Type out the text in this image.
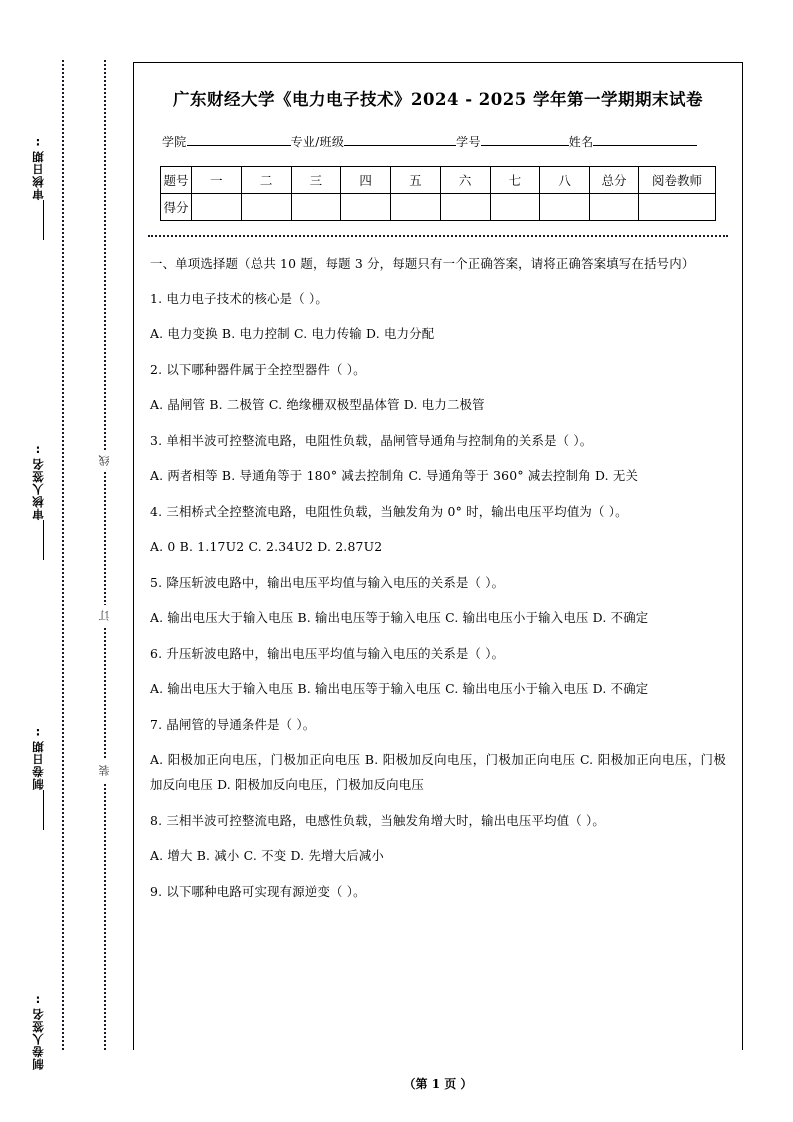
审核日期:
审核人签名:
制卷日期:
制卷人签名:
线
订
装
广东财经大学《电力电子技术》2024 - 2025 学年第一学期期末试卷
学院	专业/班级	学号	姓名
题号	一	二	三	四	五	六	七	八	总分	阅卷教师
得分										

一、单项选择题（总共 10 题，每题 3 分，每题只有一个正确答案，请将正确答案填写在括号内）

1. 电力电子技术的核心是（ ）。

A. 电力变换 B. 电力控制 C. 电力传输 D. 电力分配

2. 以下哪种器件属于全控型器件（ ）。

A. 晶闸管 B. 二极管 C. 绝缘栅双极型晶体管 D. 电力二极管

3. 单相半波可控整流电路，电阻性负载，晶闸管导通角与控制角的关系是（ ）。

A. 两者相等 B. 导通角等于 180° 减去控制角 C. 导通角等于 360° 减去控制角 D. 无关

4. 三相桥式全控整流电路，电阻性负载，当触发角为 0° 时，输出电压平均值为（ ）。

A. 0 B. 1.17U2 C. 2.34U2 D. 2.87U2

5. 降压斩波电路中，输出电压平均值与输入电压的关系是（ ）。

A. 输出电压大于输入电压 B. 输出电压等于输入电压 C. 输出电压小于输入电压 D. 不确定

6. 升压斩波电路中，输出电压平均值与输入电压的关系是（ ）。

A. 输出电压大于输入电压 B. 输出电压等于输入电压 C. 输出电压小于输入电压 D. 不确定

7. 晶闸管的导通条件是（ ）。

A. 阳极加正向电压，门极加正向电压 B. 阳极加反向电压，门极加正向电压 C. 阳极加正向电压，门极加反向电压 D. 阳极加反向电压，门极加反向电压

8. 三相半波可控整流电路，电感性负载，当触发角增大时，输出电压平均值（ ）。

A. 增大 B. 减小 C. 不变 D. 先增大后减小

9. 以下哪种电路可实现有源逆变（ ）。

（第 1 页 ）
